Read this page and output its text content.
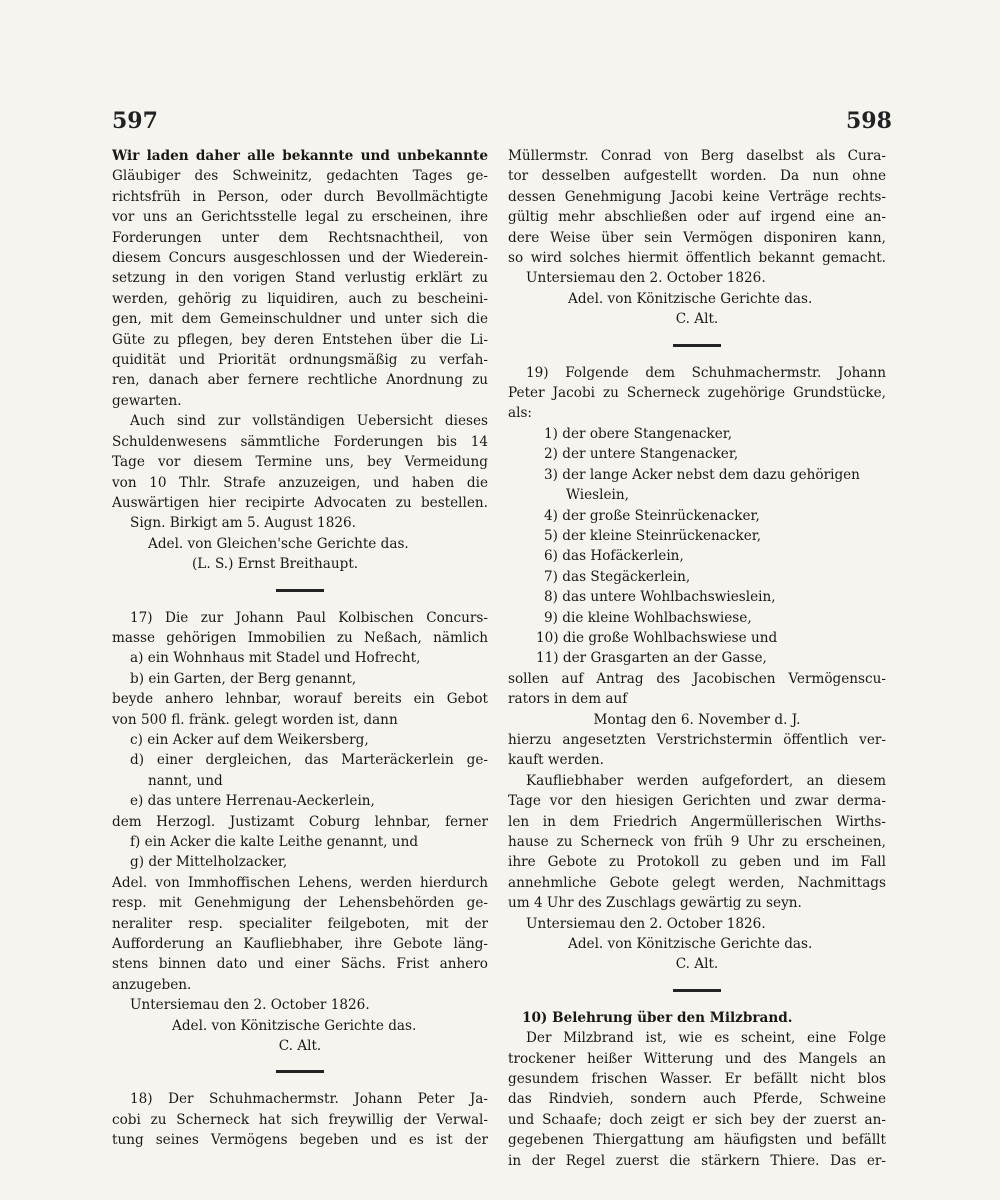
597	598
Wir laden daher alle bekannte und unbekannte
Gläubiger des Schweinitz, gedachten Tages ge-
richtsfrüh in Person, oder durch Bevollmächtigte
vor uns an Gerichtsstelle legal zu erscheinen, ihre
Forderungen unter dem Rechtsnachtheil, von
diesem Concurs ausgeschlossen und der Wiederein-
setzung in den vorigen Stand verlustig erklärt zu
werden, gehörig zu liquidiren, auch zu bescheini-
gen, mit dem Gemeinschuldner und unter sich die
Güte zu pflegen, bey deren Entstehen über die Li-
quidität und Priorität ordnungsmäßig zu verfah-
ren, danach aber fernere rechtliche Anordnung zu
gewarten.
Auch sind zur vollständigen Uebersicht dieses
Schuldenwesens sämmtliche Forderungen bis 14
Tage vor diesem Termine uns, bey Vermeidung
von 10 Thlr. Strafe anzuzeigen, und haben die
Auswärtigen hier recipirte Advocaten zu bestellen.
Sign. Birkigt am 5. August 1826.
Adel. von Gleichen'sche Gerichte das.
(L. S.) Ernst Breithaupt.
17) Die zur Johann Paul Kolbischen Concurs-
masse gehörigen Immobilien zu Neßach, nämlich
a) ein Wohnhaus mit Stadel und Hofrecht,
b) ein Garten, der Berg genannt,
beyde anhero lehnbar, worauf bereits ein Gebot
von 500 fl. fränk. gelegt worden ist, dann
c) ein Acker auf dem Weikersberg,
d) einer dergleichen, das Marteräckerlein ge-
nannt, und
e) das untere Herrenau-Aeckerlein,
dem Herzogl. Justizamt Coburg lehnbar, ferner
f) ein Acker die kalte Leithe genannt, und
g) der Mittelholzacker,
Adel. von Immhoffischen Lehens, werden hierdurch
resp. mit Genehmigung der Lehensbehörden ge-
neraliter resp. specialiter feilgeboten, mit der
Aufforderung an Kaufliebhaber, ihre Gebote läng-
stens binnen dato und einer Sächs. Frist anhero
anzugeben.
Untersiemau den 2. October 1826.
Adel. von Könitzische Gerichte das.
C. Alt.
18) Der Schuhmachermstr. Johann Peter Ja-
cobi zu Scherneck hat sich freywillig der Verwal-
tung seines Vermögens begeben und es ist der
Müllermstr. Conrad von Berg daselbst als Cura-
tor desselben aufgestellt worden. Da nun ohne
dessen Genehmigung Jacobi keine Verträge rechts-
gültig mehr abschließen oder auf irgend eine an-
dere Weise über sein Vermögen disponiren kann,
so wird solches hiermit öffentlich bekannt gemacht.
Untersiemau den 2. October 1826.
Adel. von Könitzische Gerichte das.
C. Alt.
19) Folgende dem Schuhmachermstr. Johann
Peter Jacobi zu Scherneck zugehörige Grundstücke,
als:
1) der obere Stangenacker,
2) der untere Stangenacker,
3) der lange Acker nebst dem dazu gehörigen
Wieslein,
4) der große Steinrückenacker,
5) der kleine Steinrückenacker,
6) das Hofäckerlein,
7) das Stegäckerlein,
8) das untere Wohlbachswieslein,
9) die kleine Wohlbachswiese,
10) die große Wohlbachswiese und
11) der Grasgarten an der Gasse,
sollen auf Antrag des Jacobischen Vermögenscu-
rators in dem auf
Montag den 6. November d. J.
hierzu angesetzten Verstrichstermin öffentlich ver-
kauft werden.
Kaufliebhaber werden aufgefordert, an diesem
Tage vor den hiesigen Gerichten und zwar derma-
len in dem Friedrich Angermüllerischen Wirths-
hause zu Scherneck von früh 9 Uhr zu erscheinen,
ihre Gebote zu Protokoll zu geben und im Fall
annehmliche Gebote gelegt werden, Nachmittags
um 4 Uhr des Zuschlags gewärtig zu seyn.
Untersiemau den 2. October 1826.
Adel. von Könitzische Gerichte das.
C. Alt.
10) Belehrung über den Milzbrand.
Der Milzbrand ist, wie es scheint, eine Folge
trockener heißer Witterung und des Mangels an
gesundem frischen Wasser. Er befällt nicht blos
das Rindvieh, sondern auch Pferde, Schweine
und Schaafe; doch zeigt er sich bey der zuerst an-
gegebenen Thiergattung am häufigsten und befällt
in der Regel zuerst die stärkern Thiere. Das er-
